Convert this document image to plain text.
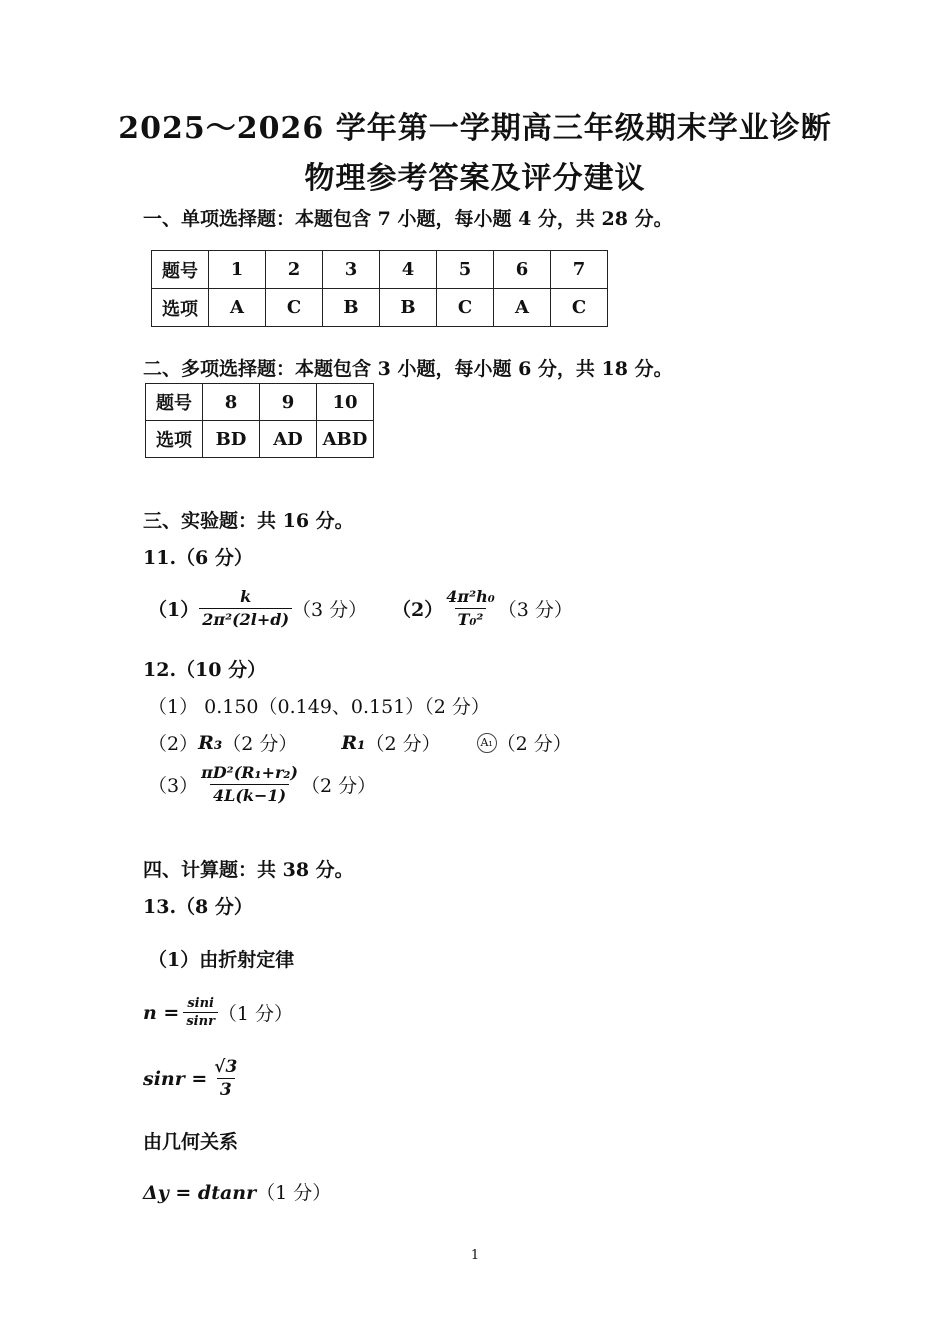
2025～2026 学年第一学期高三年级期末学业诊断
物理参考答案及评分建议
一、单项选择题：本题包含 7 小题，每小题 4 分，共 28 分。
题号	1	2	3	4	5	6	7
选项	A	C	B	B	C	A	C
二、多项选择题：本题包含 3 小题，每小题 6 分，共 18 分。
题号	8	9	10
选项	BD	AD	ABD
三、实验题：共 16 分。
11.（6 分）
$(1) \frac{k}{\text{2π²(2l+d)}} (3$ 分） $(2) \frac{\text{4π²h₀}}{\text{T₀²}} (3$ 分）
12.（10 分）
（1） 0.150（0.149、0.151）（2 分）
（2） R₃ （2 分） R₁ （2 分）	A₁ （2 分）
$(3) \frac{\text{πD²(R₁+r₂)}}{4L(k-1)} (2$ 分）
四、计算题：共 38 分。
13.（8 分）
（1）由折射定律
$n = \frac{\sin i}{\sin r} (1$ 分）
$\sin r = \frac{√3}{3}$
由几何关系
Δy = dtanr（1 分）
1
